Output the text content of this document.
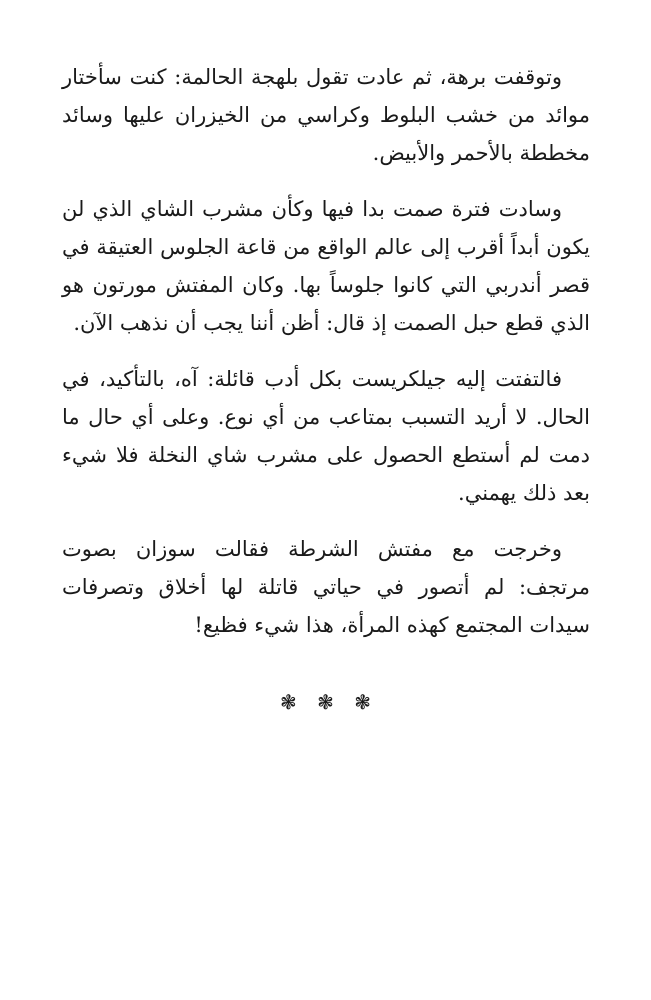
وتوقفت برهة، ثم عادت تقول بلهجة الحالمة: كنت سأختار موائد من خشب البلوط وكراسي من الخيزران عليها وسائد مخططة بالأحمر والأبيض.

وسادت فترة صمت بدا فيها وكأن مشرب الشاي الذي لن يكون أبداً أقرب إلى عالم الواقع من قاعة الجلوس العتيقة في قصر أندربي التي كانوا جلوساً بها. وكان المفتش مورتون هو الذي قطع حبل الصمت إذ قال: أظن أننا يجب أن نذهب الآن.

فالتفتت إليه جيلكريست بكل أدب قائلة: آه، بالتأكيد، في الحال. لا أريد التسبب بمتاعب من أي نوع. وعلى أي حال ما دمت لم أستطع الحصول على مشرب شاي النخلة فلا شيء بعد ذلك يهمني.

وخرجت مع مفتش الشرطة فقالت سوزان بصوت مرتجف: لم أتصور في حياتي قاتلة لها أخلاق وتصرفات سيدات المجتمع كهذه المرأة، هذا شيء فظيع!

❃ ❃ ❃
